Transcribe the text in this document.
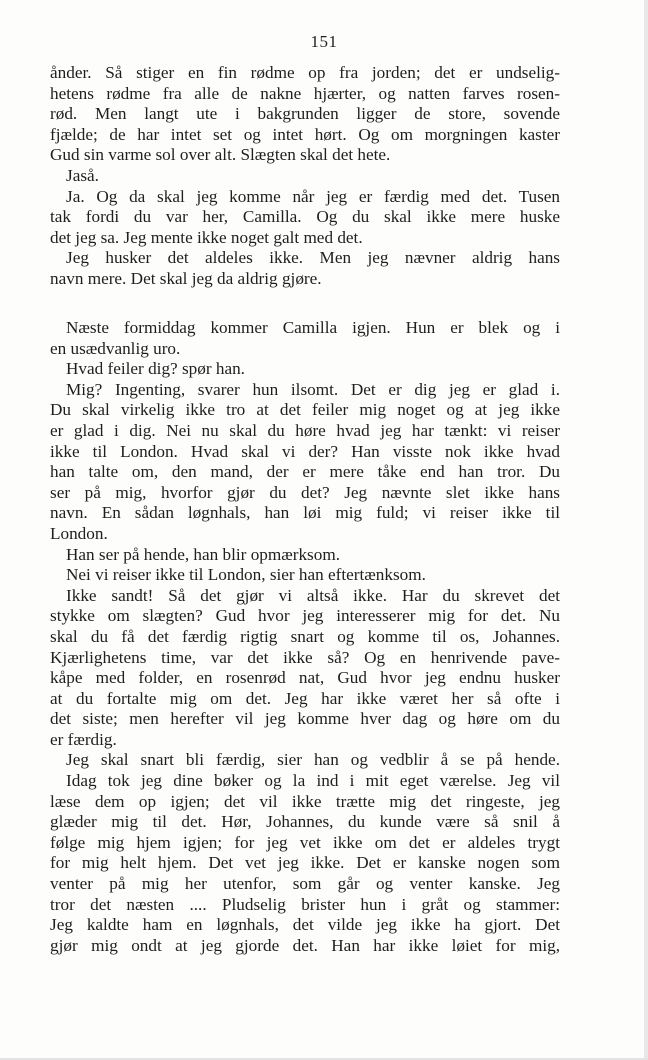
151
ånder. Så stiger en fin rødme op fra jorden; det er undselig-
hetens rødme fra alle de nakne hjærter, og natten farves rosen-
rød. Men langt ute i bakgrunden ligger de store, sovende
fjælde; de har intet set og intet hørt. Og om morgningen kaster
Gud sin varme sol over alt. Slægten skal det hete.
Jaså.
Ja. Og da skal jeg komme når jeg er færdig med det. Tusen
tak fordi du var her, Camilla. Og du skal ikke mere huske
det jeg sa. Jeg mente ikke noget galt med det.
Jeg husker det aldeles ikke. Men jeg nævner aldrig hans
navn mere. Det skal jeg da aldrig gjøre.
Næste formiddag kommer Camilla igjen. Hun er blek og i
en usædvanlig uro.
Hvad feiler dig? spør han.
Mig? Ingenting, svarer hun ilsomt. Det er dig jeg er glad i.
Du skal virkelig ikke tro at det feiler mig noget og at jeg ikke
er glad i dig. Nei nu skal du høre hvad jeg har tænkt: vi reiser
ikke til London. Hvad skal vi der? Han visste nok ikke hvad
han talte om, den mand, der er mere tåke end han tror. Du
ser på mig, hvorfor gjør du det? Jeg nævnte slet ikke hans
navn. En sådan løgnhals, han løi mig fuld; vi reiser ikke til
London.
Han ser på hende, han blir opmærksom.
Nei vi reiser ikke til London, sier han eftertænksom.
Ikke sandt! Så det gjør vi altså ikke. Har du skrevet det
stykke om slægten? Gud hvor jeg interesserer mig for det. Nu
skal du få det færdig rigtig snart og komme til os, Johannes.
Kjærlighetens time, var det ikke så? Og en henrivende pave-
kåpe med folder, en rosenrød nat, Gud hvor jeg endnu husker
at du fortalte mig om det. Jeg har ikke været her så ofte i
det siste; men herefter vil jeg komme hver dag og høre om du
er færdig.
Jeg skal snart bli færdig, sier han og vedblir å se på hende.
Idag tok jeg dine bøker og la ind i mit eget værelse. Jeg vil
læse dem op igjen; det vil ikke trætte mig det ringeste, jeg
glæder mig til det. Hør, Johannes, du kunde være så snil å
følge mig hjem igjen; for jeg vet ikke om det er aldeles trygt
for mig helt hjem. Det vet jeg ikke. Det er kanske nogen som
venter på mig her utenfor, som går og venter kanske. Jeg
tror det næsten .... Pludselig brister hun i gråt og stammer:
Jeg kaldte ham en løgnhals, det vilde jeg ikke ha gjort. Det
gjør mig ondt at jeg gjorde det. Han har ikke løiet for mig,
